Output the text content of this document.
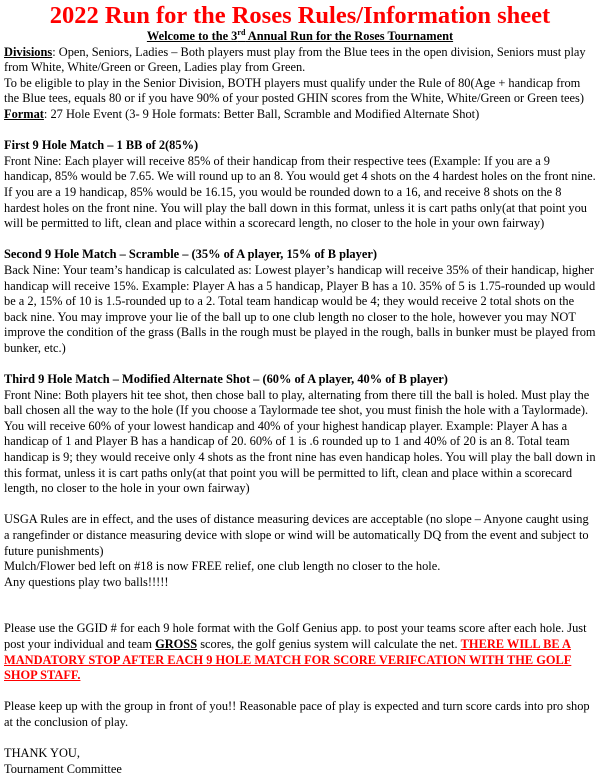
2022 Run for the Roses Rules/Information sheet

Welcome to the 3rd Annual Run for the Roses Tournament

Divisions: Open, Seniors, Ladies – Both players must play from the Blue tees in the open division, Seniors must play from White, White/Green or Green, Ladies play from Green.

To be eligible to play in the Senior Division, BOTH players must qualify under the Rule of 80(Age + handicap from the Blue tees, equals 80 or if you have 90% of your posted GHIN scores from the White, White/Green or Green tees)

Format: 27 Hole Event (3- 9 Hole formats: Better Ball, Scramble and Modified Alternate Shot)

First 9 Hole Match – 1 BB of 2(85%)

Front Nine: Each player will receive 85% of their handicap from their respective tees (Example: If you are a 9 handicap, 85% would be 7.65. We will round up to an 8. You would get 4 shots on the 4 hardest holes on the front nine. If you are a 19 handicap, 85% would be 16.15, you would be rounded down to a 16, and receive 8 shots on the 8 hardest holes on the front nine. You will play the ball down in this format, unless it is cart paths only(at that point you will be permitted to lift, clean and place within a scorecard length, no closer to the hole in your own fairway)

Second 9 Hole Match – Scramble – (35% of A player, 15% of B player)

Back Nine: Your team’s handicap is calculated as: Lowest player’s handicap will receive 35% of their handicap, higher handicap will receive 15%. Example: Player A has a 5 handicap, Player B has a 10. 35% of 5 is 1.75-rounded up would be a 2, 15% of 10 is 1.5-rounded up to a 2. Total team handicap would be 4; they would receive 2 total shots on the back nine. You may improve your lie of the ball up to one club length no closer to the hole, however you may NOT improve the condition of the grass (Balls in the rough must be played in the rough, balls in bunker must be played from bunker, etc.)

Third 9 Hole Match – Modified Alternate Shot – (60% of A player, 40% of B player)

Front Nine: Both players hit tee shot, then chose ball to play, alternating from there till the ball is holed. Must play the ball chosen all the way to the hole (If you choose a Taylormade tee shot, you must finish the hole with a Taylormade). You will receive 60% of your lowest handicap and 40% of your highest handicap player. Example: Player A has a handicap of 1 and Player B has a handicap of 20. 60% of 1 is .6 rounded up to 1 and 40% of 20 is an 8. Total team handicap is 9; they would receive only 4 shots as the front nine has even handicap holes. You will play the ball down in this format, unless it is cart paths only(at that point you will be permitted to lift, clean and place within a scorecard length, no closer to the hole in your own fairway)

USGA Rules are in effect, and the uses of distance measuring devices are acceptable (no slope – Anyone caught using a rangefinder or distance measuring device with slope or wind will be automatically DQ from the event and subject to future punishments)

Mulch/Flower bed left on #18 is now FREE relief, one club length no closer to the hole.

Any questions play two balls!!!!!

Please use the GGID # for each 9 hole format with the Golf Genius app. to post your teams score after each hole. Just post your individual and team GROSS scores, the golf genius system will calculate the net. THERE WILL BE A MANDATORY STOP AFTER EACH 9 HOLE MATCH FOR SCORE VERIFCATION WITH THE GOLF SHOP STAFF.

Please keep up with the group in front of you!! Reasonable pace of play is expected and turn score cards into pro shop at the conclusion of play.

THANK YOU,

Tournament Committee
